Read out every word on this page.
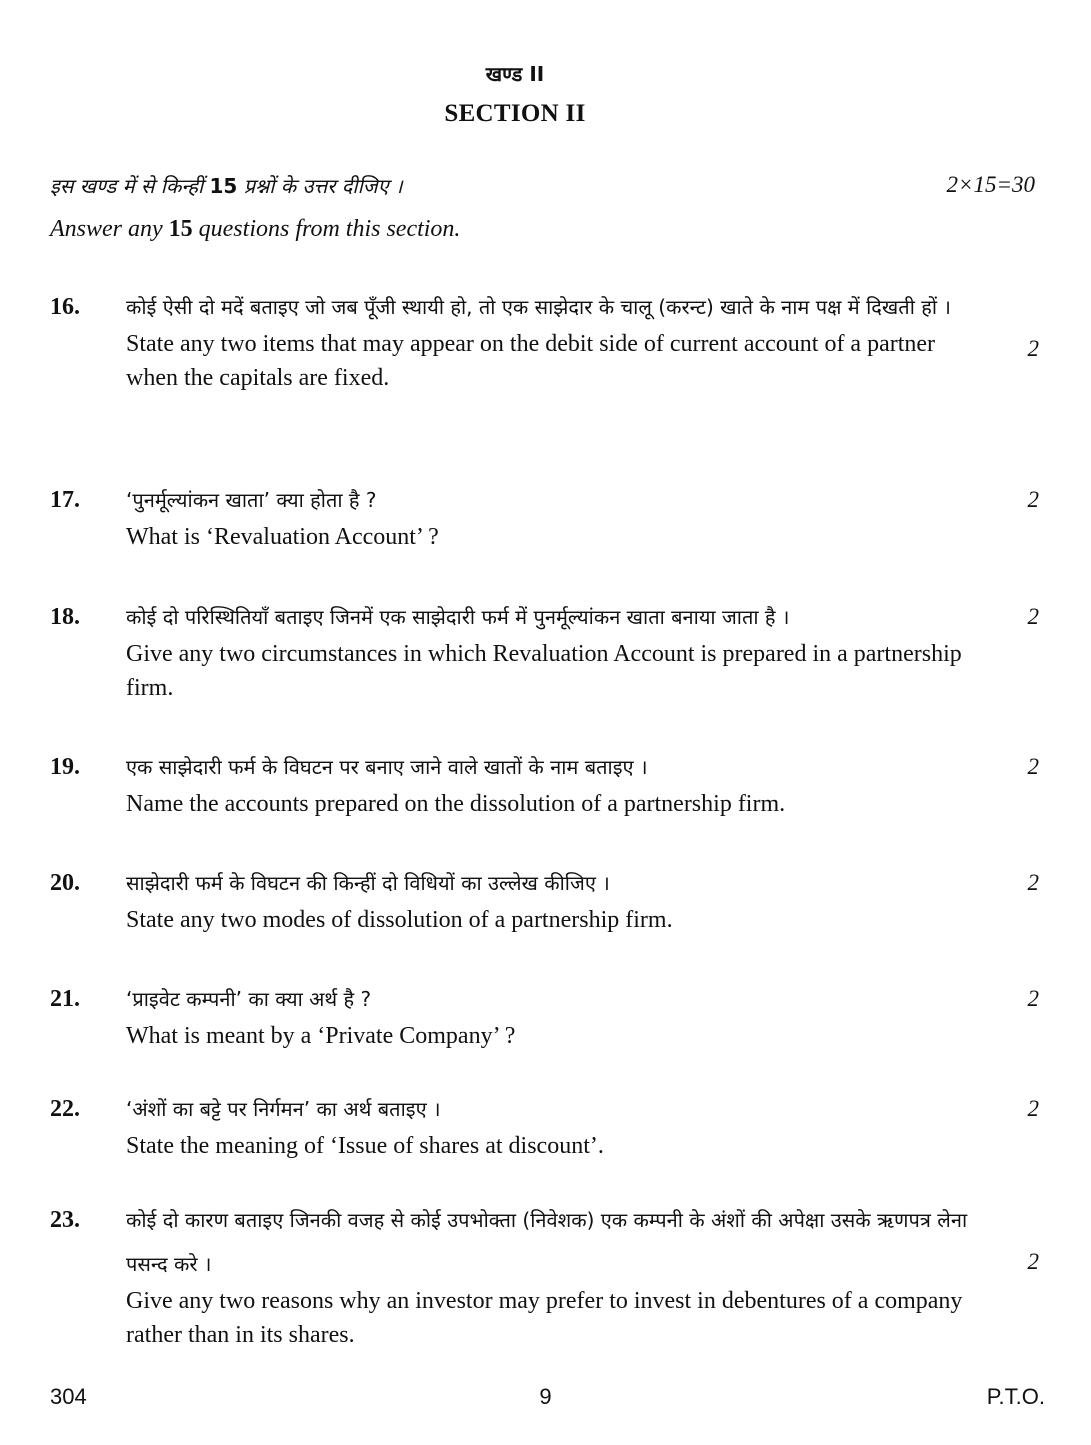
खण्ड II
SECTION II
इस खण्ड में से किन्हीं 15 प्रश्नों के उत्तर दीजिए ।	2×15=30
Answer any 15 questions from this section.
16. कोई ऐसी दो मदें बताइए जो जब पूँजी स्थायी हो, तो एक साझेदार के चालू (करन्ट) खाते के नाम पक्ष में दिखती हों ।
State any two items that may appear on the debit side of current account of a partner when the capitals are fixed.
2
17. ‘पुनर्मूल्यांकन खाता’ क्या होता है ?
What is ‘Revaluation Account’ ?
2
18. कोई दो परिस्थितियाँ बताइए जिनमें एक साझेदारी फर्म में पुनर्मूल्यांकन खाता बनाया जाता है ।
Give any two circumstances in which Revaluation Account is prepared in a partnership firm.
2
19. एक साझेदारी फर्म के विघटन पर बनाए जाने वाले खातों के नाम बताइए ।
Name the accounts prepared on the dissolution of a partnership firm.
2
20. साझेदारी फर्म के विघटन की किन्हीं दो विधियों का उल्लेख कीजिए ।
State any two modes of dissolution of a partnership firm.
2
21. ‘प्राइवेट कम्पनी’ का क्या अर्थ है ?
What is meant by a ‘Private Company’ ?
2
22. ‘अंशों का बट्टे पर निर्गमन’ का अर्थ बताइए ।
State the meaning of ‘Issue of shares at discount’.
2
23. कोई दो कारण बताइए जिनकी वजह से कोई उपभोक्ता (निवेशक) एक कम्पनी के अंशों की अपेक्षा उसके ऋणपत्र लेना पसन्द करे ।
Give any two reasons why an investor may prefer to invest in debentures of a company rather than in its shares.
2
304	9	P.T.O.
